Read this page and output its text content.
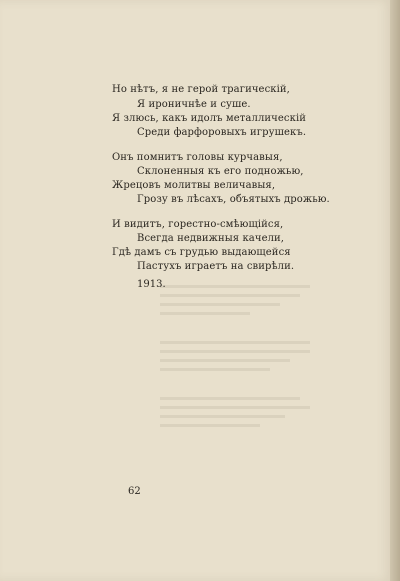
Но нѣтъ, я не герой трагическiй,
Я ироничнѣе и суше.
Я злюсь, какъ идолъ металлическiй
Среди фарфоровыхъ игрушекъ.
Онъ помнитъ головы курчавыя,
Склоненныя къ его подножью,
Жрецовъ молитвы величавыя,
Грозу въ лѣсахъ, объятыхъ дрожью.
И видитъ, горестно-смѣющiйся,
Всегда недвижныя качели,
Гдѣ дамъ съ грудью выдающейся
Пастухъ играетъ на свирѣли.
1913.
62
